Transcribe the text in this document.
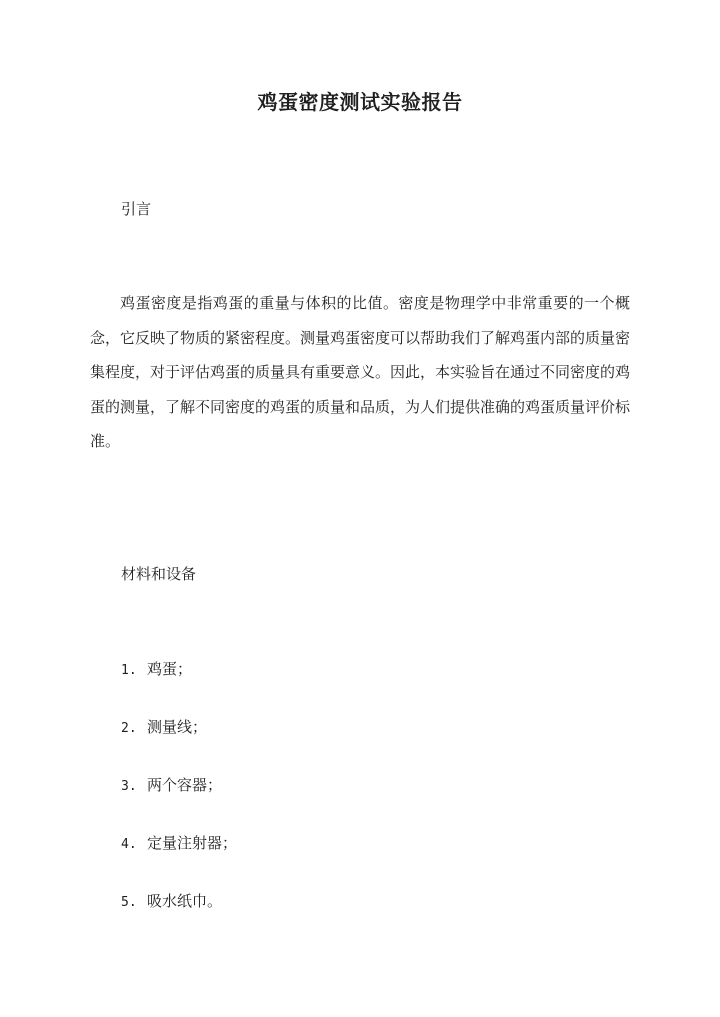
鸡蛋密度测试实验报告
引言

鸡蛋密度是指鸡蛋的重量与体积的比值。密度是物理学中非常重要的一个概念，它反映了物质的紧密程度。测量鸡蛋密度可以帮助我们了解鸡蛋内部的质量密集程度，对于评估鸡蛋的质量具有重要意义。因此，本实验旨在通过不同密度的鸡蛋的测量，了解不同密度的鸡蛋的质量和品质，为人们提供准确的鸡蛋质量评价标准。

材料和设备
1. 鸡蛋；
2. 测量线；
3. 两个容器；
4. 定量注射器；
5. 吸水纸巾。
